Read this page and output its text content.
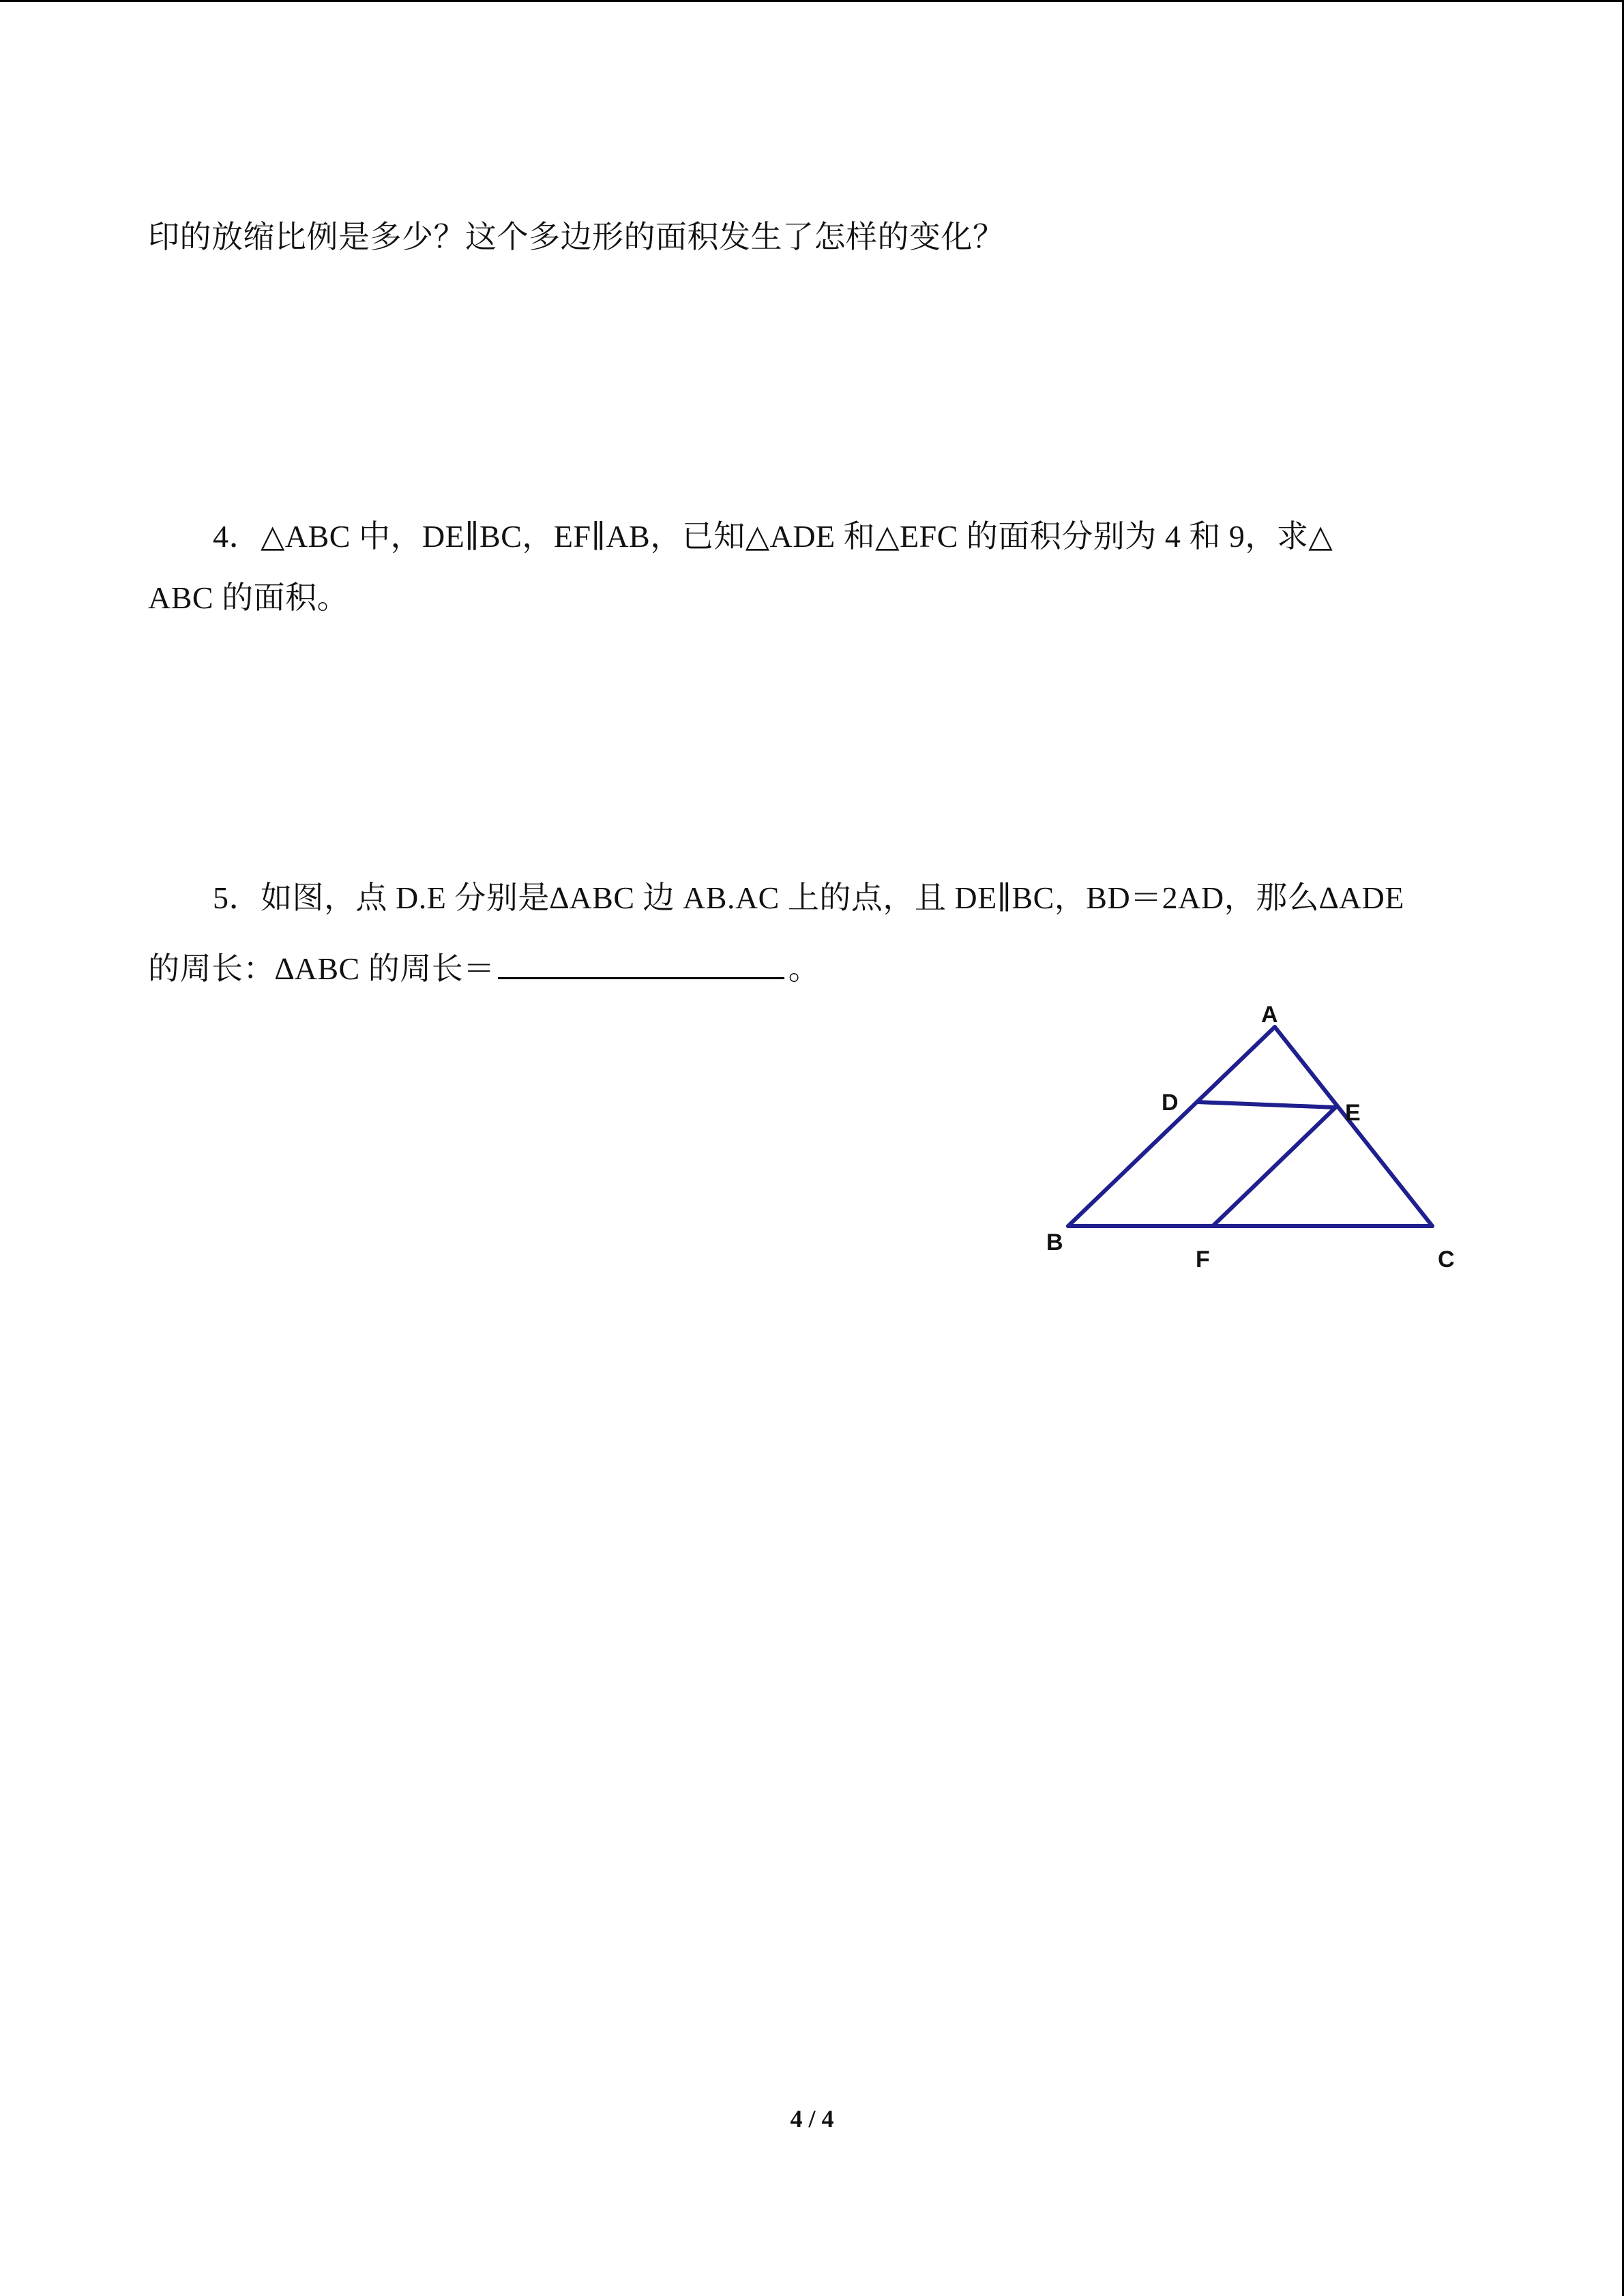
印的放缩比例是多少？这个多边形的面积发生了怎样的变化？
4．△ABC 中，DE∥BC，EF∥AB，已知△ADE 和△EFC 的面积分别为 4 和 9，求△
ABC 的面积。
5．如图，点 D.E 分别是∆ABC 边 AB.AC 上的点，且 DE∥BC，BD＝2AD，那么∆ADE
的周长：∆ABC 的周长＝	。
A
B
C
D	E
F
4 / 4
